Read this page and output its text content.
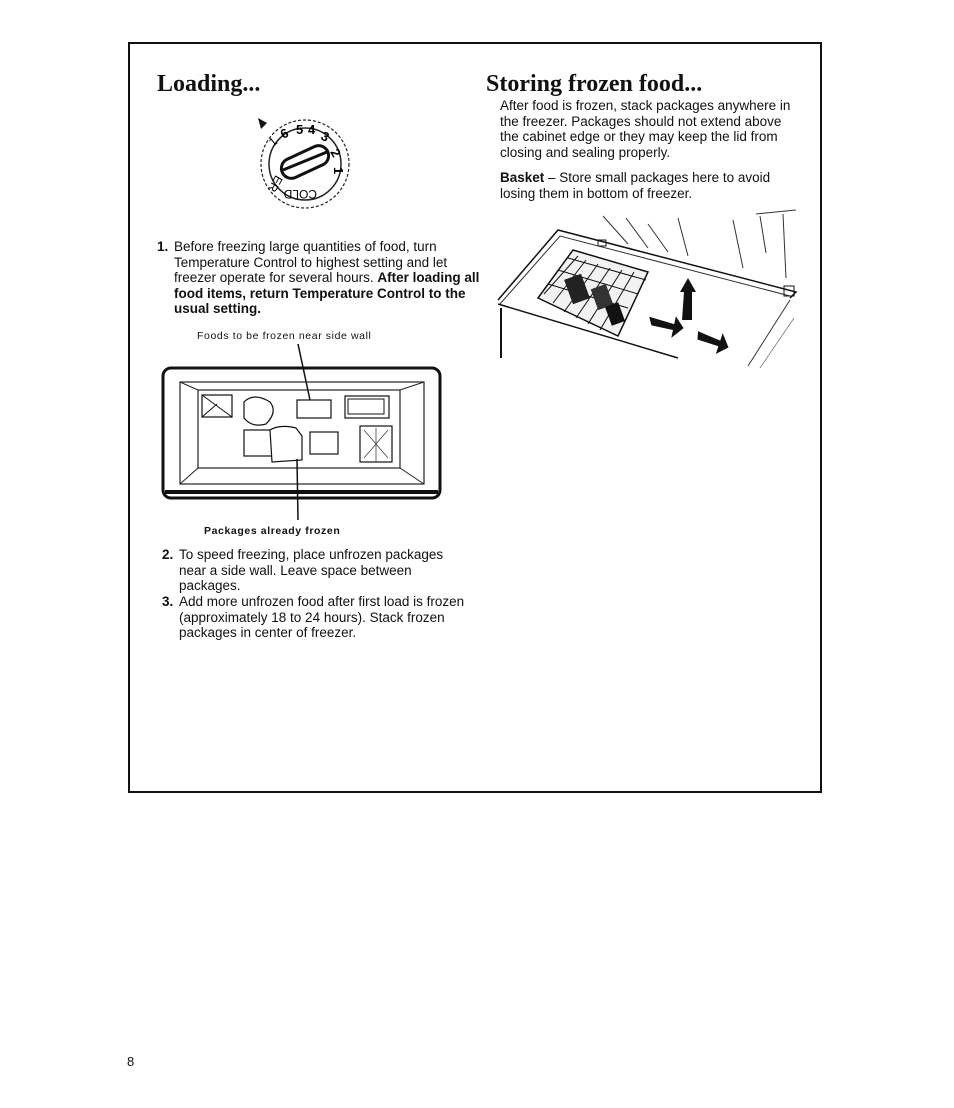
Loading...
1
6 5 4 3
2
1
COLD
ER
1. Before freezing large quantities of food, turn Temperature Control to highest setting and let freezer operate for several hours. After loading all food items, return Temperature Control to the usual setting.

Foods to be frozen near side wall

Packages already frozen

2. To speed freezing, place unfrozen packages near a side wall. Leave space between packages.
3. Add more unfrozen food after first load is frozen (approximately 18 to 24 hours). Stack frozen packages in center of freezer.
Storing frozen food...

After food is frozen, stack packages anywhere in the freezer. Packages should not extend above the cabinet edge or they may keep the lid from closing and sealing properly.

Basket – Store small packages here to avoid losing them in bottom of freezer.

8
